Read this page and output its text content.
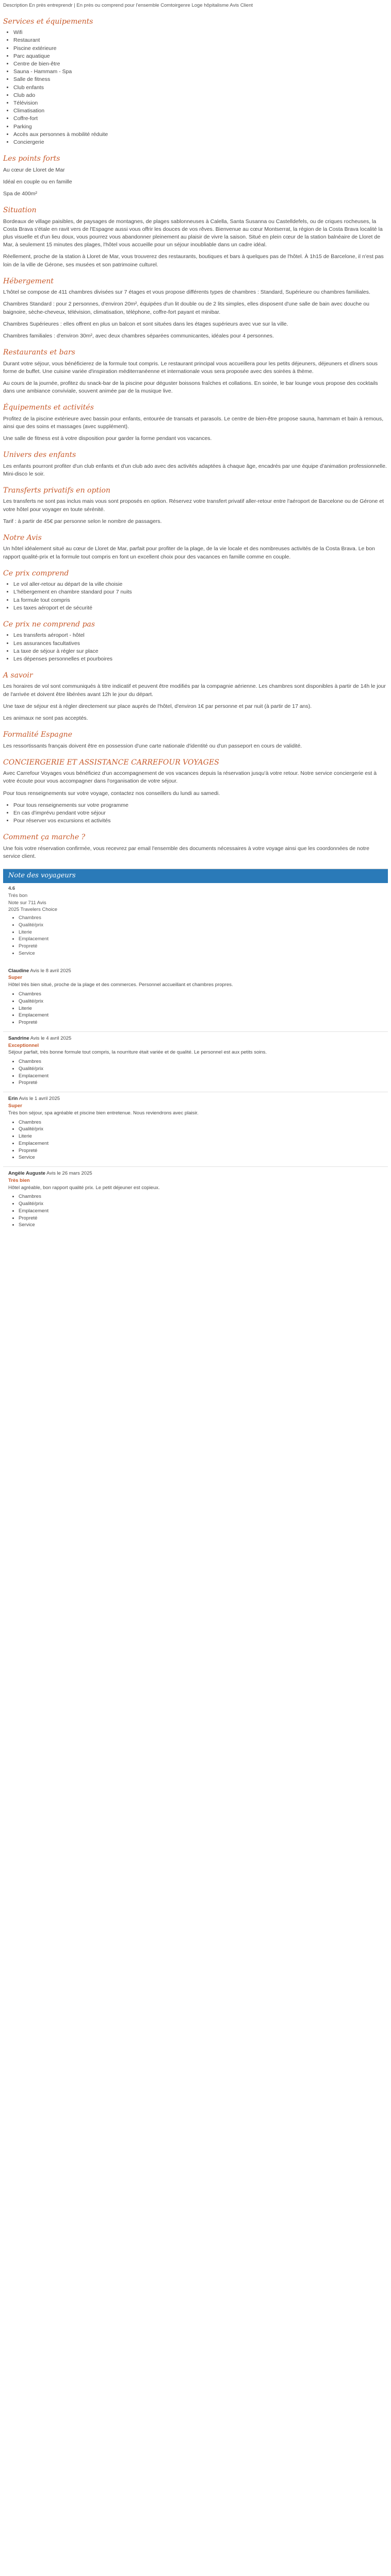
Description En près entreprendr | En près ou comprend pour l'ensemble Comtoirgenre Loge hôpitalisme Avis Client
Services et équipements
• Wifi
• Restaurant
• Piscine extérieure
• Parc aquatique
• Centre de bien-être
• Sauna - Hammam - Spa
• Salle de fitness
• Club enfants
• Club ado
• Télévision
• Climatisation
• Coffre-fort
• Parking
• Accès aux personnes à mobilité réduite
• Conciergerie
Les points forts

Au cœur de Lloret de Mar

Idéal en couple ou en famille

Spa de 400m²

Situation

Bordeaux de village paisibles, de paysages de montagnes, de plages sablonneuses à Calella, Santa Susanna ou Castelldefels, ou de criques rocheuses, la Costa Brava s'étale en ravit vers de l'Espagne aussi vous offrir les douces de vos rêves. Bienvenue au cœur Montserrat, la région de la Costa Brava localité la plus visuelle et d'un lieu doux, vous pourrez vous abandonner pleinement au plaisir de vivre la saison. Situé en plein cœur de la station balnéaire de Lloret de Mar, à seulement 15 minutes des plages, l'hôtel vous accueille pour un séjour inoubliable dans un cadre idéal.

Réellement, proche de la station à Lloret de Mar, vous trouverez des restaurants, boutiques et bars à quelques pas de l'hôtel. À 1h15 de Barcelone, il n'est pas loin de la ville de Gérone, ses musées et son patrimoine culturel.

Hébergement

L'hôtel se compose de 411 chambres divisées sur 7 étages et vous propose différents types de chambres : Standard, Supérieure ou chambres familiales.

Chambres Standard : pour 2 personnes, d'environ 20m², équipées d'un lit double ou de 2 lits simples, elles disposent d'une salle de bain avec douche ou baignoire, sèche-cheveux, télévision, climatisation, téléphone, coffre-fort payant et minibar.

Chambres Supérieures : elles offrent en plus un balcon et sont situées dans les étages supérieurs avec vue sur la ville.

Chambres familiales : d'environ 30m², avec deux chambres séparées communicantes, idéales pour 4 personnes.

Restaurants et bars

Durant votre séjour, vous bénéficierez de la formule tout compris. Le restaurant principal vous accueillera pour les petits déjeuners, déjeuners et dîners sous forme de buffet. Une cuisine variée d'inspiration méditerranéenne et internationale vous sera proposée avec des soirées à thème.

Au cours de la journée, profitez du snack-bar de la piscine pour déguster boissons fraîches et collations. En soirée, le bar lounge vous propose des cocktails dans une ambiance conviviale, souvent animée par de la musique live.

Équipements et activités

Profitez de la piscine extérieure avec bassin pour enfants, entourée de transats et parasols. Le centre de bien-être propose sauna, hammam et bain à remous, ainsi que des soins et massages (avec supplément).

Une salle de fitness est à votre disposition pour garder la forme pendant vos vacances.

Univers des enfants

Les enfants pourront profiter d'un club enfants et d'un club ado avec des activités adaptées à chaque âge, encadrés par une équipe d'animation professionnelle. Mini-disco le soir.

Transferts privatifs en option

Les transferts ne sont pas inclus mais vous sont proposés en option. Réservez votre transfert privatif aller-retour entre l'aéroport de Barcelone ou de Gérone et votre hôtel pour voyager en toute sérénité.

Tarif : à partir de 45€ par personne selon le nombre de passagers.

Notre Avis

Un hôtel idéalement situé au cœur de Lloret de Mar, parfait pour profiter de la plage, de la vie locale et des nombreuses activités de la Costa Brava. Le bon rapport qualité-prix et la formule tout compris en font un excellent choix pour des vacances en famille comme en couple.

Ce prix comprend
• Le vol aller-retour au départ de la ville choisie
• L'hébergement en chambre standard pour 7 nuits
• La formule tout compris
• Les taxes aéroport et de sécurité
Ce prix ne comprend pas
• Les transferts aéroport - hôtel
• Les assurances facultatives
• La taxe de séjour à régler sur place
• Les dépenses personnelles et pourboires
A savoir

Les horaires de vol sont communiqués à titre indicatif et peuvent être modifiés par la compagnie aérienne. Les chambres sont disponibles à partir de 14h le jour de l'arrivée et doivent être libérées avant 12h le jour du départ.

Une taxe de séjour est à régler directement sur place auprès de l'hôtel, d'environ 1€ par personne et par nuit (à partir de 17 ans).

Les animaux ne sont pas acceptés.

Formalité Espagne

Les ressortissants français doivent être en possession d'une carte nationale d'identité ou d'un passeport en cours de validité.

CONCIERGERIE ET ASSISTANCE CARREFOUR VOYAGES

Avec Carrefour Voyages vous bénéficiez d'un accompagnement de vos vacances depuis la réservation jusqu'à votre retour. Notre service conciergerie est à votre écoute pour vous accompagner dans l'organisation de votre séjour.

Pour tous renseignements sur votre voyage, contactez nos conseillers du lundi au samedi.

• Pour tous renseignements sur votre programme
• En cas d'imprévu pendant votre séjour
• Pour réserver vos excursions et activités
Comment ça marche ?

Une fois votre réservation confirmée, vous recevrez par email l'ensemble des documents nécessaires à votre voyage ainsi que les coordonnées de notre service client.

Note des voyageurs
4.6
Trés bon
Note sur 711 Avis
2025 Travelers Choice
• Chambres
• Qualité/prix
• Literie
• Emplacement
• Propreté
• Service
Claudine Avis le 8 avril 2025
Super

Hôtel très bien situé, proche de la plage et des commerces. Personnel accueillant et chambres propres.

• Chambres
• Qualité/prix
• Literie
• Emplacement
• Propreté
Sandrine Avis le 4 avril 2025
Exceptionnel

Séjour parfait, très bonne formule tout compris, la nourriture était variée et de qualité. Le personnel est aux petits soins.

• Chambres
• Qualité/prix
• Emplacement
• Propreté
Erin Avis le 1 avril 2025
Super

Très bon séjour, spa agréable et piscine bien entretenue. Nous reviendrons avec plaisir.

• Chambres
• Qualité/prix
• Literie
• Emplacement
• Propreté
• Service
Angèle Auguste Avis le 26 mars 2025
Très bien

Hôtel agréable, bon rapport qualité prix. Le petit déjeuner est copieux.

• Chambres
• Qualité/prix
• Emplacement
• Propreté
• Service
